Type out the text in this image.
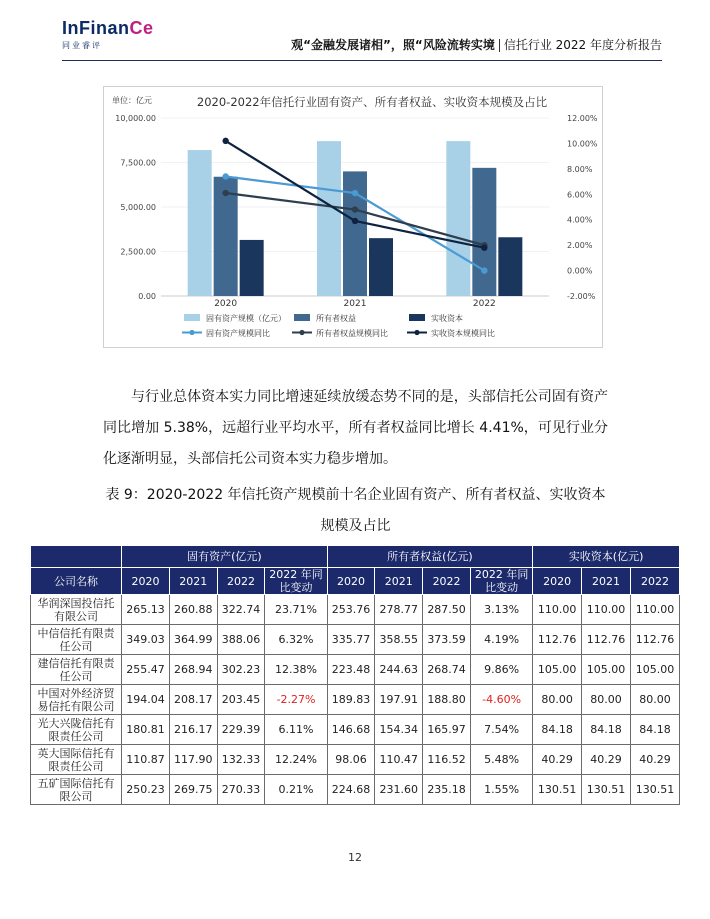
InFinanCe
同业睿评	观“金融发展诸相”，照“风险流转实境 信托行业 2022 年度分析报告
单位：亿元	2020-2022年信托行业固有资产、所有者权益、实收资本规模及占比
0.00
2,500.00
5,000.00
7,500.00
10,000.00
-2.00%
0.00%
2.00%
4.00%
6.00%
8.00%
10.00%
12.00%
2020	2021	2022
固有资产规模（亿元）	所有者权益	实收资本
固有资产规模同比	所有者权益规模同比	实收资本规模同比
与行业总体资本实力同比增速延续放缓态势不同的是，头部信托公司固有资产同比增加 5.38%，远超行业平均水平，所有者权益同比增长 4.41%，可见行业分化逐渐明显，头部信托公司资本实力稳步增加。
表 9：2020-2022 年信托资产规模前十名企业固有资产、所有者权益、实收资本规模及占比
	固有资产(亿元)				所有者权益(亿元)				实收资本(亿元)		
公司名称	2020	2021	2022	2022 年同比变动	2020	2021	2022	2022 年同比变动	2020	2021	2022
华润深国投信托有限公司	265.13	260.88	322.74	23.71%	253.76	278.77	287.50	3.13%	110.00	110.00	110.00
中信信托有限责任公司	349.03	364.99	388.06	6.32%	335.77	358.55	373.59	4.19%	112.76	112.76	112.76
建信信托有限责任公司	255.47	268.94	302.23	12.38%	223.48	244.63	268.74	9.86%	105.00	105.00	105.00
中国对外经济贸易信托有限公司	194.04	208.17	203.45	-2.27%	189.83	197.91	188.80	-4.60%	80.00	80.00	80.00
光大兴陇信托有限责任公司	180.81	216.17	229.39	6.11%	146.68	154.34	165.97	7.54%	84.18	84.18	84.18
英大国际信托有限责任公司	110.87	117.90	132.33	12.24%	98.06	110.47	116.52	5.48%	40.29	40.29	40.29
五矿国际信托有限公司	250.23	269.75	270.33	0.21%	224.68	231.60	235.18	1.55%	130.51	130.51	130.51
12
